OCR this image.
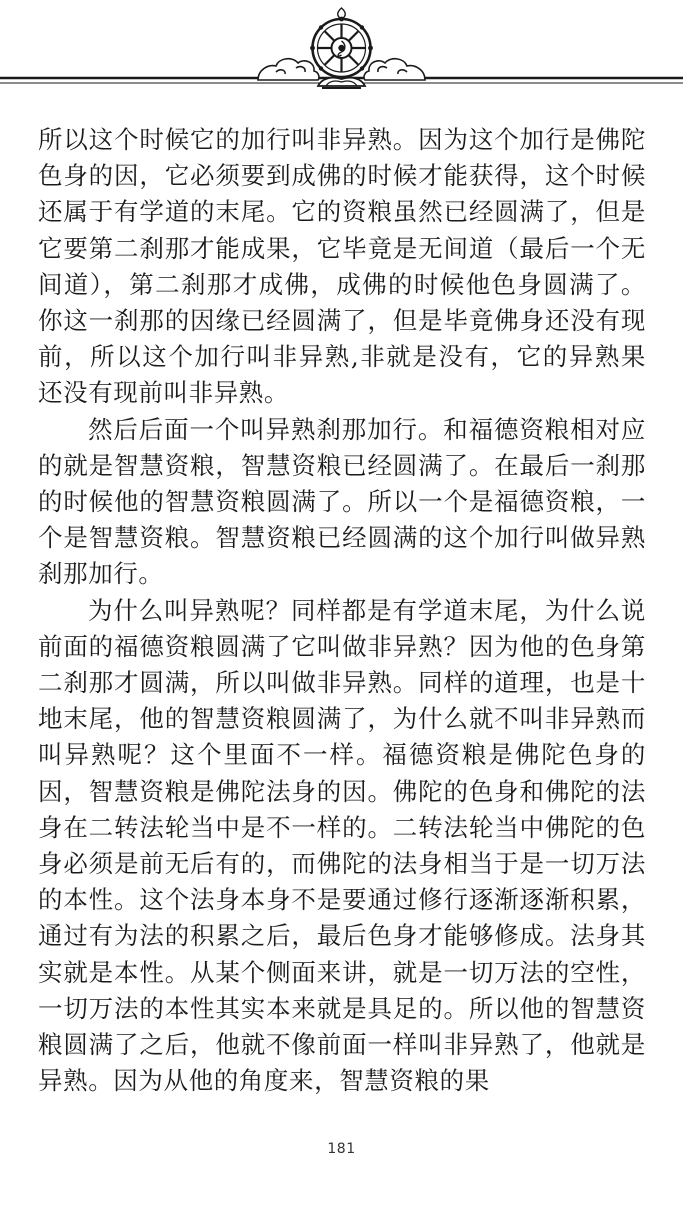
所以这个时候它的加行叫非异熟。因为这个加行是佛陀色身的因，它必须要到成佛的时候才能获得，这个时候还属于有学道的末尾。它的资粮虽然已经圆满了，但是它要第二刹那才能成果，它毕竟是无间道（最后一个无间道），第二刹那才成佛，成佛的时候他色身圆满了。你这一刹那的因缘已经圆满了，但是毕竟佛身还没有现前，所以这个加行叫非异熟,非就是没有，它的异熟果还没有现前叫非异熟。

然后后面一个叫异熟刹那加行。和福德资粮相对应的就是智慧资粮，智慧资粮已经圆满了。在最后一刹那的时候他的智慧资粮圆满了。所以一个是福德资粮，一个是智慧资粮。智慧资粮已经圆满的这个加行叫做异熟刹那加行。

为什么叫异熟呢？同样都是有学道末尾，为什么说前面的福德资粮圆满了它叫做非异熟？因为他的色身第二刹那才圆满，所以叫做非异熟。同样的道理，也是十地末尾，他的智慧资粮圆满了，为什么就不叫非异熟而叫异熟呢？这个里面不一样。福德资粮是佛陀色身的因，智慧资粮是佛陀法身的因。佛陀的色身和佛陀的法身在二转法轮当中是不一样的。二转法轮当中佛陀的色身必须是前无后有的，而佛陀的法身相当于是一切万法的本性。这个法身本身不是要通过修行逐渐逐渐积累，通过有为法的积累之后，最后色身才能够修成。法身其实就是本性。从某个侧面来讲，就是一切万法的空性，一切万法的本性其实本来就是具足的。所以他的智慧资粮圆满了之后，他就不像前面一样叫非异熟了，他就是异熟。因为从他的角度来，智慧资粮的果

181
